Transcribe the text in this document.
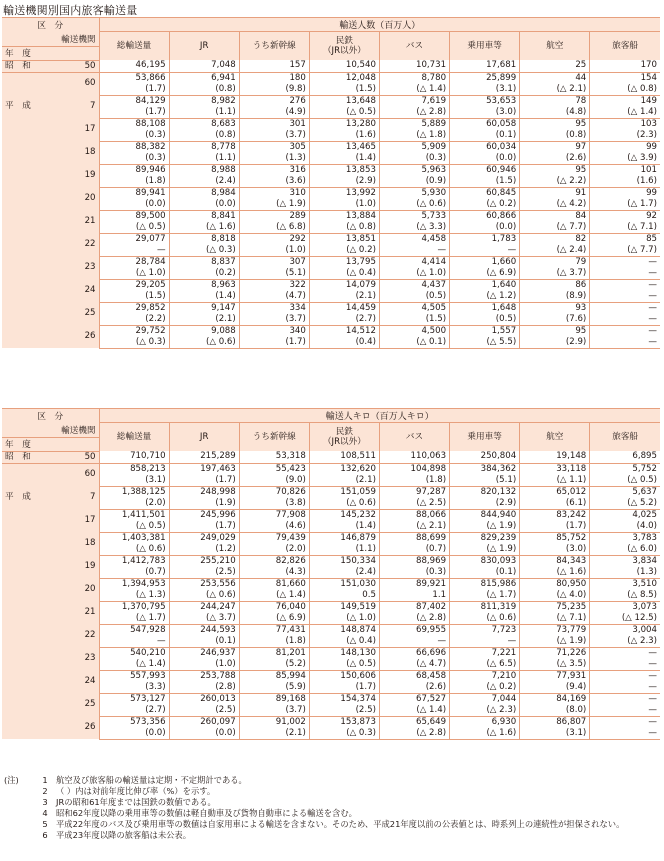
輸送機関別国内旅客輸送量
区　分		輸送人数（百万人）							
輸送機関		総輸送量	JR	うち新幹線	民鉄
（JR以外）	バス	乗用車等	航空	旅客船
年　度									
昭　和	50	46,195	7,048	157	10,540	10,731	17,681	25	170
	60	53,866	6,941	180	12,048	8,780	25,899	44	154
		(1.7)	(0.8)	(9.8)	(1.5)	(△ 1.4)	(3.1)	(△ 2.1)	(△ 0.8)
平　成	7	84,129	8,982	276	13,648	7,619	53,653	78	149
		(1.7)	(1.1)	(4.9)	(△ 0.5)	(△ 2.8)	(3.0)	(4.8)	(△ 1.4)
	17	88,108	8,683	301	13,280	5,889	60,058	95	103
		(0.3)	(0.8)	(3.7)	(1.6)	(△ 1.8)	(0.1)	(0.8)	(2.3)
	18	88,382	8,778	305	13,465	5,909	60,034	97	99
		(0.3)	(1.1)	(1.3)	(1.4)	(0.3)	(0.0)	(2.6)	(△ 3.9)
	19	89,946	8,988	316	13,853	5,963	60,946	95	101
		(1.8)	(2.4)	(3.6)	(2.9)	(0.9)	(1.5)	(△ 2.2)	(1.6)
	20	89,941	8,984	310	13,992	5,930	60,845	91	99
		(0.0)	(0.0)	(△ 1.9)	(1.0)	(△ 0.6)	(△ 0.2)	(△ 4.2)	(△ 1.7)
	21	89,500	8,841	289	13,884	5,733	60,866	84	92
		(△ 0.5)	(△ 1.6)	(△ 6.8)	(△ 0.8)	(△ 3.3)	(0.0)	(△ 7.7)	(△ 7.1)
	22	29,077	8,818	292	13,851	4,458	1,783	82	85
		—	(△ 0.3)	(1.0)	(△ 0.2)	—	—	(△ 2.4)	(△ 7.7)
	23	28,784	8,837	307	13,795	4,414	1,660	79	—
		(△ 1.0)	(0.2)	(5.1)	(△ 0.4)	(△ 1.0)	(△ 6.9)	(△ 3.7)	—
	24	29,205	8,963	322	14,079	4,437	1,640	86	—
		(1.5)	(1.4)	(4.7)	(2.1)	(0.5)	(△ 1.2)	(8.9)	—
	25	29,852	9,147	334	14,459	4,505	1,648	93	—
		(2.2)	(2.1)	(3.7)	(2.7)	(1.5)	(0.5)	(7.6)	—
	26	29,752	9,088	340	14,512	4,500	1,557	95	—
		(△ 0.3)	(△ 0.6)	(1.7)	(0.4)	(△ 0.1)	(△ 5.5)	(2.9)	—
区　分		輸送人キロ（百万人キロ）							
輸送機関		総輸送量	JR	うち新幹線	民鉄
（JR以外）	バス	乗用車等	航空	旅客船
年　度									
昭　和	50	710,710	215,289	53,318	108,511	110,063	250,804	19,148	6,895
	60	858,213	197,463	55,423	132,620	104,898	384,362	33,118	5,752
		(3.1)	(1.7)	(9.0)	(2.1)	(1.8)	(5.1)	(△ 1.1)	(△ 0.5)
平　成	7	1,388,125	248,998	70,826	151,059	97,287	820,132	65,012	5,637
		(2.0)	(1.9)	(3.8)	(△ 0.6)	(△ 2.5)	(2.9)	(6.1)	(△ 5.2)
	17	1,411,501	245,996	77,908	145,232	88,066	844,940	83,242	4,025
		(△ 0.5)	(1.7)	(4.6)	(1.4)	(△ 2.1)	(△ 1.9)	(1.7)	(4.0)
	18	1,403,381	249,029	79,439	146,879	88,699	829,239	85,752	3,783
		(△ 0.6)	(1.2)	(2.0)	(1.1)	(0.7)	(△ 1.9)	(3.0)	(△ 6.0)
	19	1,412,783	255,210	82,826	150,334	88,969	830,093	84,343	3,834
		(0.7)	(2.5)	(4.3)	(2.4)	(0.3)	(0.1)	(△ 1.6)	(1.3)
	20	1,394,953	253,556	81,660	151,030	89,921	815,986	80,950	3,510
		(△ 1.3)	(△ 0.6)	(△ 1.4)	0.5	1.1	(△ 1.7)	(△ 4.0)	(△ 8.5)
	21	1,370,795	244,247	76,040	149,519	87,402	811,319	75,235	3,073
		(△ 1.7)	(△ 3.7)	(△ 6.9)	(△ 1.0)	(△ 2.8)	(△ 0.6)	(△ 7.1)	(△ 12.5)
	22	547,928	244,593	77,431	148,874	69,955	7,723	73,779	3,004
		—	(0.1)	(1.8)	(△ 0.4)	—	—	(△ 1.9)	(△ 2.3)
	23	540,210	246,937	81,201	148,130	66,696	7,221	71,226	—
		(△ 1.4)	(1.0)	(5.2)	(△ 0.5)	(△ 4.7)	(△ 6.5)	(△ 3.5)	—
	24	557,993	253,788	85,994	150,606	68,458	7,210	77,931	—
		(3.3)	(2.8)	(5.9)	(1.7)	(2.6)	(△ 0.2)	(9.4)	—
	25	573,127	260,013	89,168	154,374	67,527	7,044	84,169	—
		(2.7)	(2.5)	(3.7)	(2.5)	(△ 1.4)	(△ 2.3)	(8.0)	—
	26	573,356	260,097	91,002	153,873	65,649	6,930	86,807	—
		(0.0)	(0.0)	(2.1)	(△ 0.3)	(△ 2.8)	(△ 1.6)	(3.1)	—
(注)	1	航空及び旅客船の輸送量は定期・不定期計である。
2	（ ）内は対前年度比伸び率（%）を示す。
3	JRの昭和61年度までは国鉄の数値である。
4	昭和62年度以降の乗用車等の数値は軽自動車及び貨物自動車による輸送を含む。
5	平成22年度のバス及び乗用車等の数値は自家用車による輸送を含まない。そのため、平成21年度以前の公表値とは、時系列上の連続性が担保されない。
6	平成23年度以降の旅客船は未公表。
